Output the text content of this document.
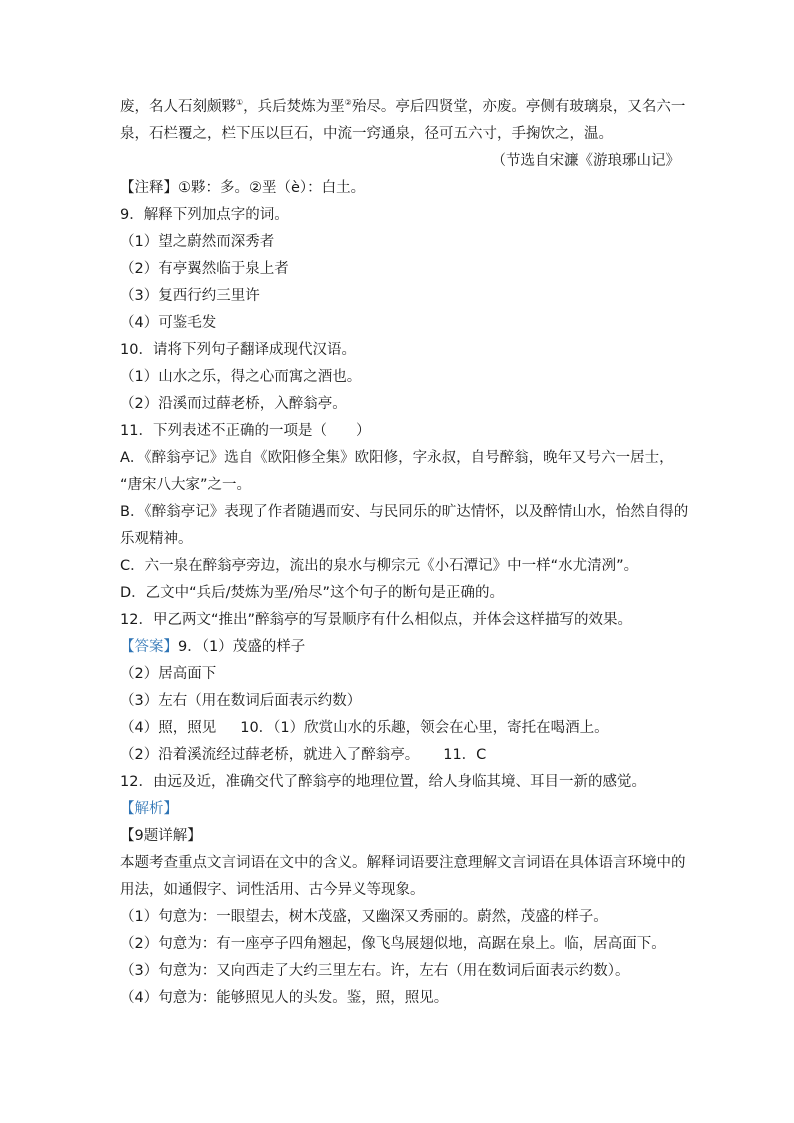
废，名人石刻颇夥①，兵后焚炼为垩②殆尽。亭后四贤堂，亦废。亭侧有玻璃泉，又名六一
泉，石栏覆之，栏下压以巨石，中流一窍通泉，径可五六寸，手掬饮之，温。
（节选自宋濂《游琅琊山记》
【注释】①夥：多。②垩（è）：白土。
9．解释下列加点字的词。
（1）望之蔚然而深秀者
（2）有亭翼然临于泉上者
（3）复西行约三里许
（4）可鉴毛发
10．请将下列句子翻译成现代汉语。
（1）山水之乐，得之心而寓之酒也。
（2）沿溪而过薛老桥，入醉翁亭。
11．下列表述不正确的一项是（　　）
A．《醉翁亭记》选自《欧阳修全集》欧阳修，字永叔，自号醉翁，晚年又号六一居士，
“唐宋八大家”之一。
B．《醉翁亭记》表现了作者随遇而安、与民同乐的旷达情怀，以及醉情山水，怡然自得的
乐观精神。
C．六一泉在醉翁亭旁边，流出的泉水与柳宗元《小石潭记》中一样“水尤清冽”。
D．乙文中“兵后/焚炼为垩/殆尽”这个句子的断句是正确的。
12．甲乙两文“推出”醉翁亭的写景顺序有什么相似点，并体会这样描写的效果。
【答案】9．（1）茂盛的样子
（2）居高面下
（3）左右（用在数词后面表示约数）
（4）照，照见 10．（1）欣赏山水的乐趣，领会在心里，寄托在喝酒上。
（2）沿着溪流经过薛老桥，就进入了醉翁亭。 11．C
12．由远及近，准确交代了醉翁亭的地理位置，给人身临其境、耳目一新的感觉。
【解析】
【9题详解】
本题考查重点文言词语在文中的含义。解释词语要注意理解文言词语在具体语言环境中的
用法，如通假字、词性活用、古今异义等现象。
（1）句意为：一眼望去，树木茂盛，又幽深又秀丽的。蔚然，茂盛的样子。
（2）句意为：有一座亭子四角翘起，像飞鸟展翅似地，高踞在泉上。临，居高面下。
（3）句意为：又向西走了大约三里左右。许，左右（用在数词后面表示约数）。
（4）句意为：能够照见人的头发。鉴，照，照见。
